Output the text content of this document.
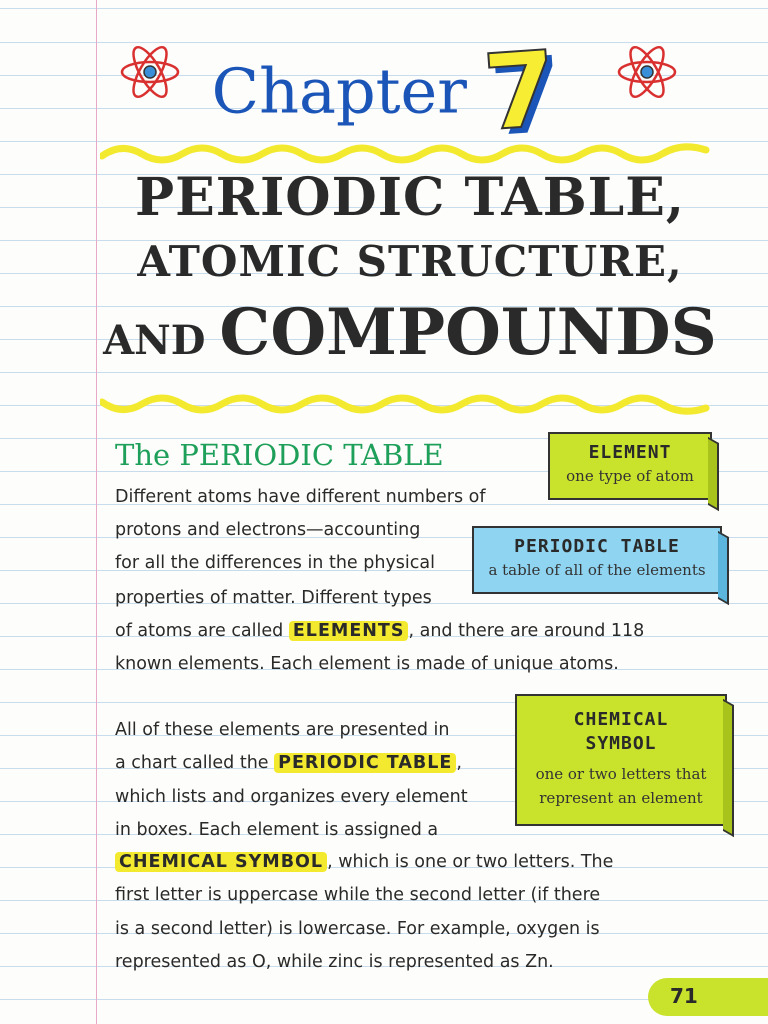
Chapter 7
PERIODIC TABLE,
ATOMIC STRUCTURE,
AND COMPOUNDS
The PERIODIC TABLE
Different atoms have different numbers of
protons and electrons—accounting
for all the differences in the physical
properties of matter. Different types
of atoms are called ELEMENTS , and there are around 118
known elements. Each element is made of unique atoms.
All of these elements are presented in
a chart called the PERIODIC TABLE ,
which lists and organizes every element
in boxes. Each element is assigned a
CHEMICAL SYMBOL , which is one or two letters. The
first letter is uppercase while the second letter (if there
is a second letter) is lowercase. For example, oxygen is
represented as O, while zinc is represented as Zn.
ELEMENT
one type of atom
PERIODIC TABLE
a table of all of the elements
CHEMICAL
SYMBOL
one or two letters that
represent an element
71
